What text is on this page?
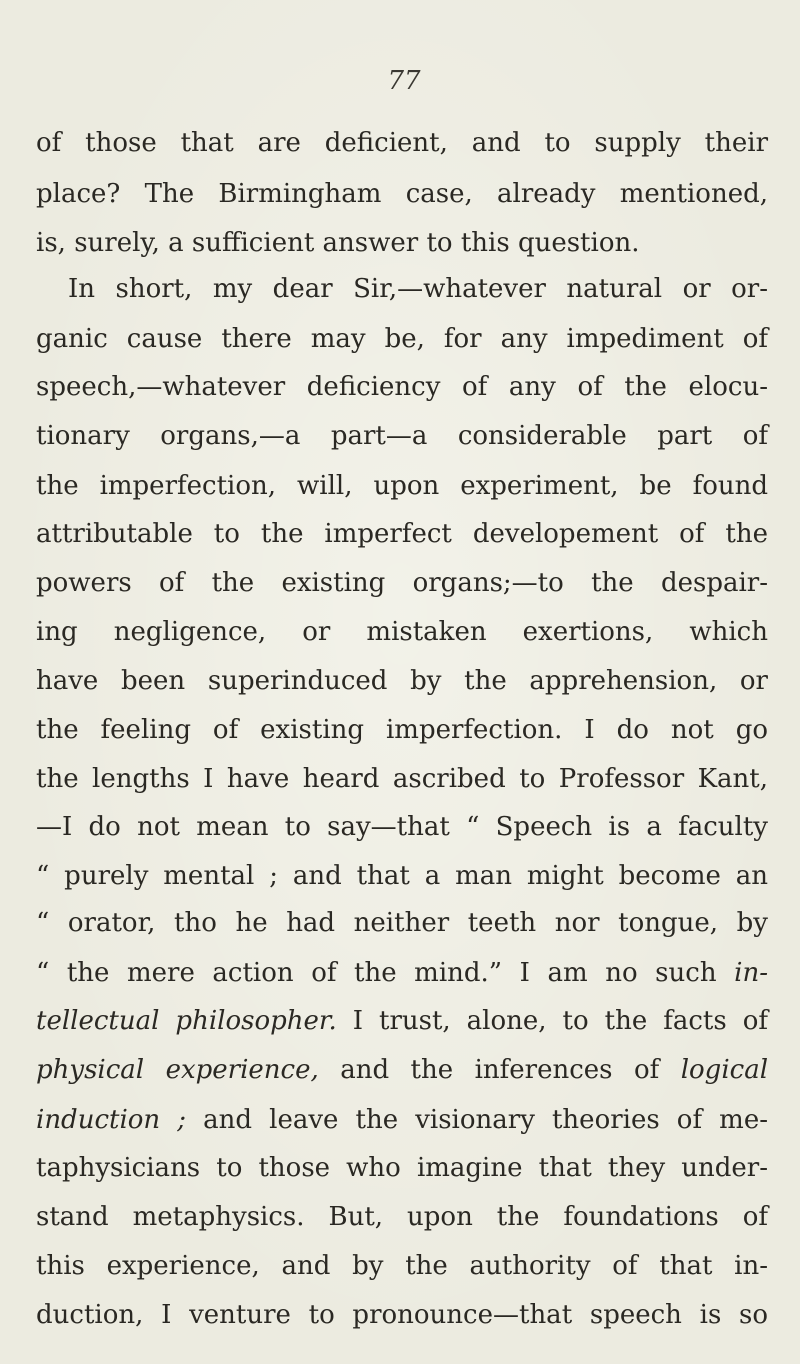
77
of those that are deficient, and to supply their
place? The Birmingham case, already mentioned,
is, surely, a sufficient answer to this question.
In short, my dear Sir,—whatever natural or or-
ganic cause there may be, for any impediment of
speech,—whatever deficiency of any of the elocu-
tionary organs,—a part—a considerable part of
the imperfection, will, upon experiment, be found
attributable to the imperfect developement of the
powers of the existing organs;—to the despair-
ing negligence, or mistaken exertions, which
have been superinduced by the apprehension, or
the feeling of existing imperfection. I do not go
the lengths I have heard ascribed to Professor Kant,
—I do not mean to say—that “ Speech is a faculty
“ purely mental ; and that a man might become an
“ orator, tho he had neither teeth nor tongue, by
“ the mere action of the mind.” I am no such in-
tellectual philosopher. I trust, alone, to the facts of
physical experience, and the inferences of logical
induction ; and leave the visionary theories of me-
taphysicians to those who imagine that they under-
stand metaphysics. But, upon the foundations of
this experience, and by the authority of that in-
duction, I venture to pronounce—that speech is so
